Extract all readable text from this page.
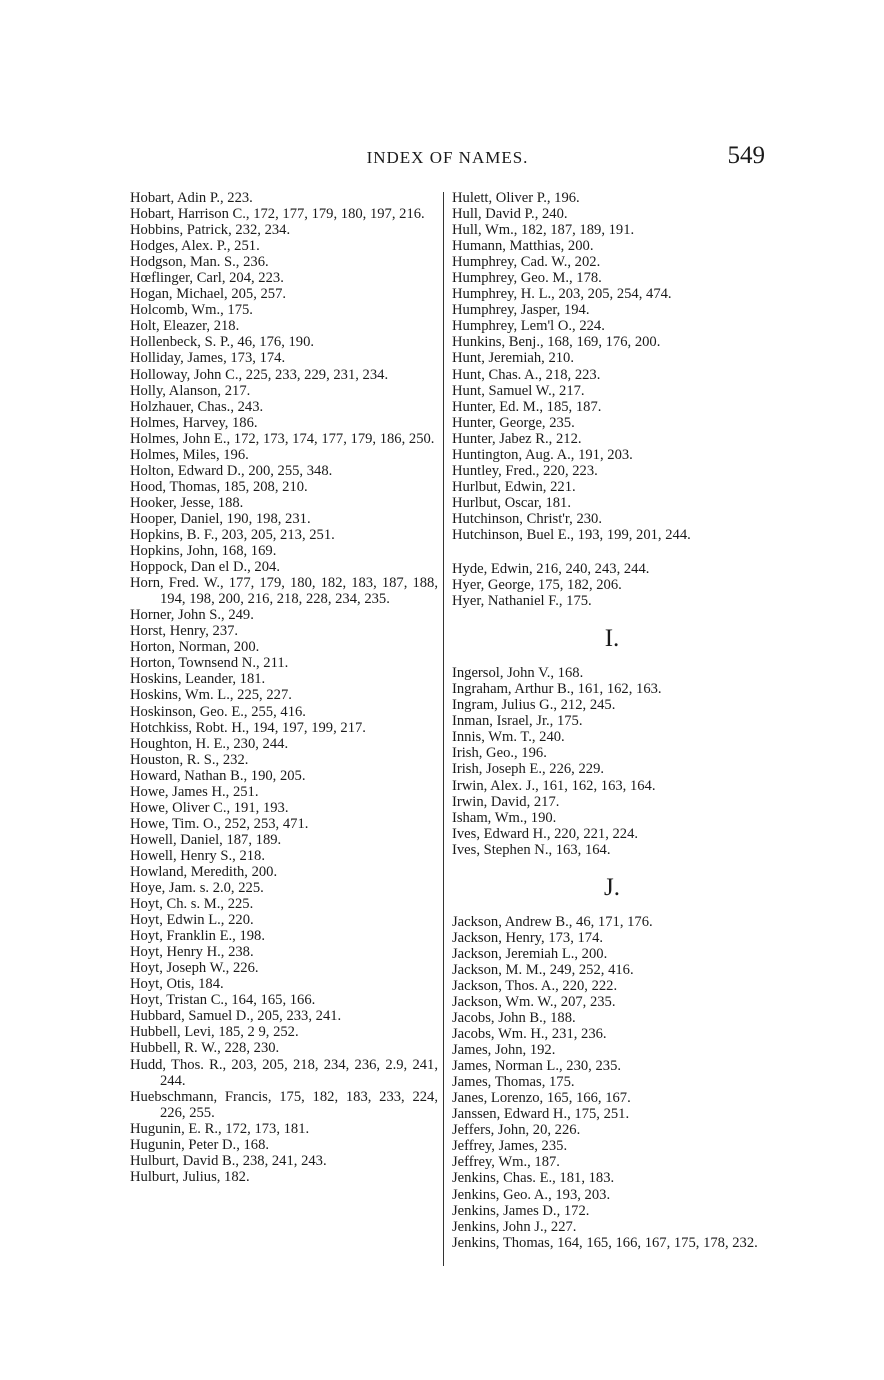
INDEX OF NAMES.	549
Hobart, Adin P., 223.
Hobart, Harrison C., 172, 177, 179, 180, 197, 216.
Hobbins, Patrick, 232, 234.
Hodges, Alex. P., 251.
Hodgson, Man. S., 236.
Hœflinger, Carl, 204, 223.
Hogan, Michael, 205, 257.
Holcomb, Wm., 175.
Holt, Eleazer, 218.
Hollenbeck, S. P., 46, 176, 190.
Holliday, James, 173, 174.
Holloway, John C., 225, 233, 229, 231, 234.
Holly, Alanson, 217.
Holzhauer, Chas., 243.
Holmes, Harvey, 186.
Holmes, John E., 172, 173, 174, 177, 179, 186, 250.
Holmes, Miles, 196.
Holton, Edward D., 200, 255, 348.
Hood, Thomas, 185, 208, 210.
Hooker, Jesse, 188.
Hooper, Daniel, 190, 198, 231.
Hopkins, B. F., 203, 205, 213, 251.
Hopkins, John, 168, 169.
Hoppock, Dan el D., 204.
Horn, Fred. W., 177, 179, 180, 182, 183, 187, 188, 194, 198, 200, 216, 218, 228, 234, 235.
Horner, John S., 249.
Horst, Henry, 237.
Horton, Norman, 200.
Horton, Townsend N., 211.
Hoskins, Leander, 181.
Hoskins, Wm. L., 225, 227.
Hoskinson, Geo. E., 255, 416.
Hotchkiss, Robt. H., 194, 197, 199, 217.
Houghton, H. E., 230, 244.
Houston, R. S., 232.
Howard, Nathan B., 190, 205.
Howe, James H., 251.
Howe, Oliver C., 191, 193.
Howe, Tim. O., 252, 253, 471.
Howell, Daniel, 187, 189.
Howell, Henry S., 218.
Howland, Meredith, 200.
Hoye, Jam. s. 2.0, 225.
Hoyt, Ch. s. M., 225.
Hoyt, Edwin L., 220.
Hoyt, Franklin E., 198.
Hoyt, Henry H., 238.
Hoyt, Joseph W., 226.
Hoyt, Otis, 184.
Hoyt, Tristan C., 164, 165, 166.
Hubbard, Samuel D., 205, 233, 241.
Hubbell, Levi, 185, 2 9, 252.
Hubbell, R. W., 228, 230.
Hudd, Thos. R., 203, 205, 218, 234, 236, 2.9, 241, 244.
Huebschmann, Francis, 175, 182, 183, 233, 224, 226, 255.
Hugunin, E. R., 172, 173, 181.
Hugunin, Peter D., 168.
Hulburt, David B., 238, 241, 243.
Hulburt, Julius, 182.
Hulett, Oliver P., 196.
Hull, David P., 240.
Hull, Wm., 182, 187, 189, 191.
Humann, Matthias, 200.
Humphrey, Cad. W., 202.
Humphrey, Geo. M., 178.
Humphrey, H. L., 203, 205, 254, 474.
Humphrey, Jasper, 194.
Humphrey, Lem'l O., 224.
Hunkins, Benj., 168, 169, 176, 200.
Hunt, Jeremiah, 210.
Hunt, Chas. A., 218, 223.
Hunt, Samuel W., 217.
Hunter, Ed. M., 185, 187.
Hunter, George, 235.
Hunter, Jabez R., 212.
Huntington, Aug. A., 191, 203.
Huntley, Fred., 220, 223.
Hurlbut, Edwin, 221.
Hurlbut, Oscar, 181.
Hutchinson, Christ'r, 230.
Hutchinson, Buel E., 193, 199, 201, 244.
Hyde, Edwin, 216, 240, 243, 244.
Hyer, George, 175, 182, 206.
Hyer, Nathaniel F., 175.
I.
Ingersol, John V., 168.
Ingraham, Arthur B., 161, 162, 163.
Ingram, Julius G., 212, 245.
Inman, Israel, Jr., 175.
Innis, Wm. T., 240.
Irish, Geo., 196.
Irish, Joseph E., 226, 229.
Irwin, Alex. J., 161, 162, 163, 164.
Irwin, David, 217.
Isham, Wm., 190.
Ives, Edward H., 220, 221, 224.
Ives, Stephen N., 163, 164.
J.
Jackson, Andrew B., 46, 171, 176.
Jackson, Henry, 173, 174.
Jackson, Jeremiah L., 200.
Jackson, M. M., 249, 252, 416.
Jackson, Thos. A., 220, 222.
Jackson, Wm. W., 207, 235.
Jacobs, John B., 188.
Jacobs, Wm. H., 231, 236.
James, John, 192.
James, Norman L., 230, 235.
James, Thomas, 175.
Janes, Lorenzo, 165, 166, 167.
Janssen, Edward H., 175, 251.
Jeffers, John, 20, 226.
Jeffrey, James, 235.
Jeffrey, Wm., 187.
Jenkins, Chas. E., 181, 183.
Jenkins, Geo. A., 193, 203.
Jenkins, James D., 172.
Jenkins, John J., 227.
Jenkins, Thomas, 164, 165, 166, 167, 175, 178, 232.
